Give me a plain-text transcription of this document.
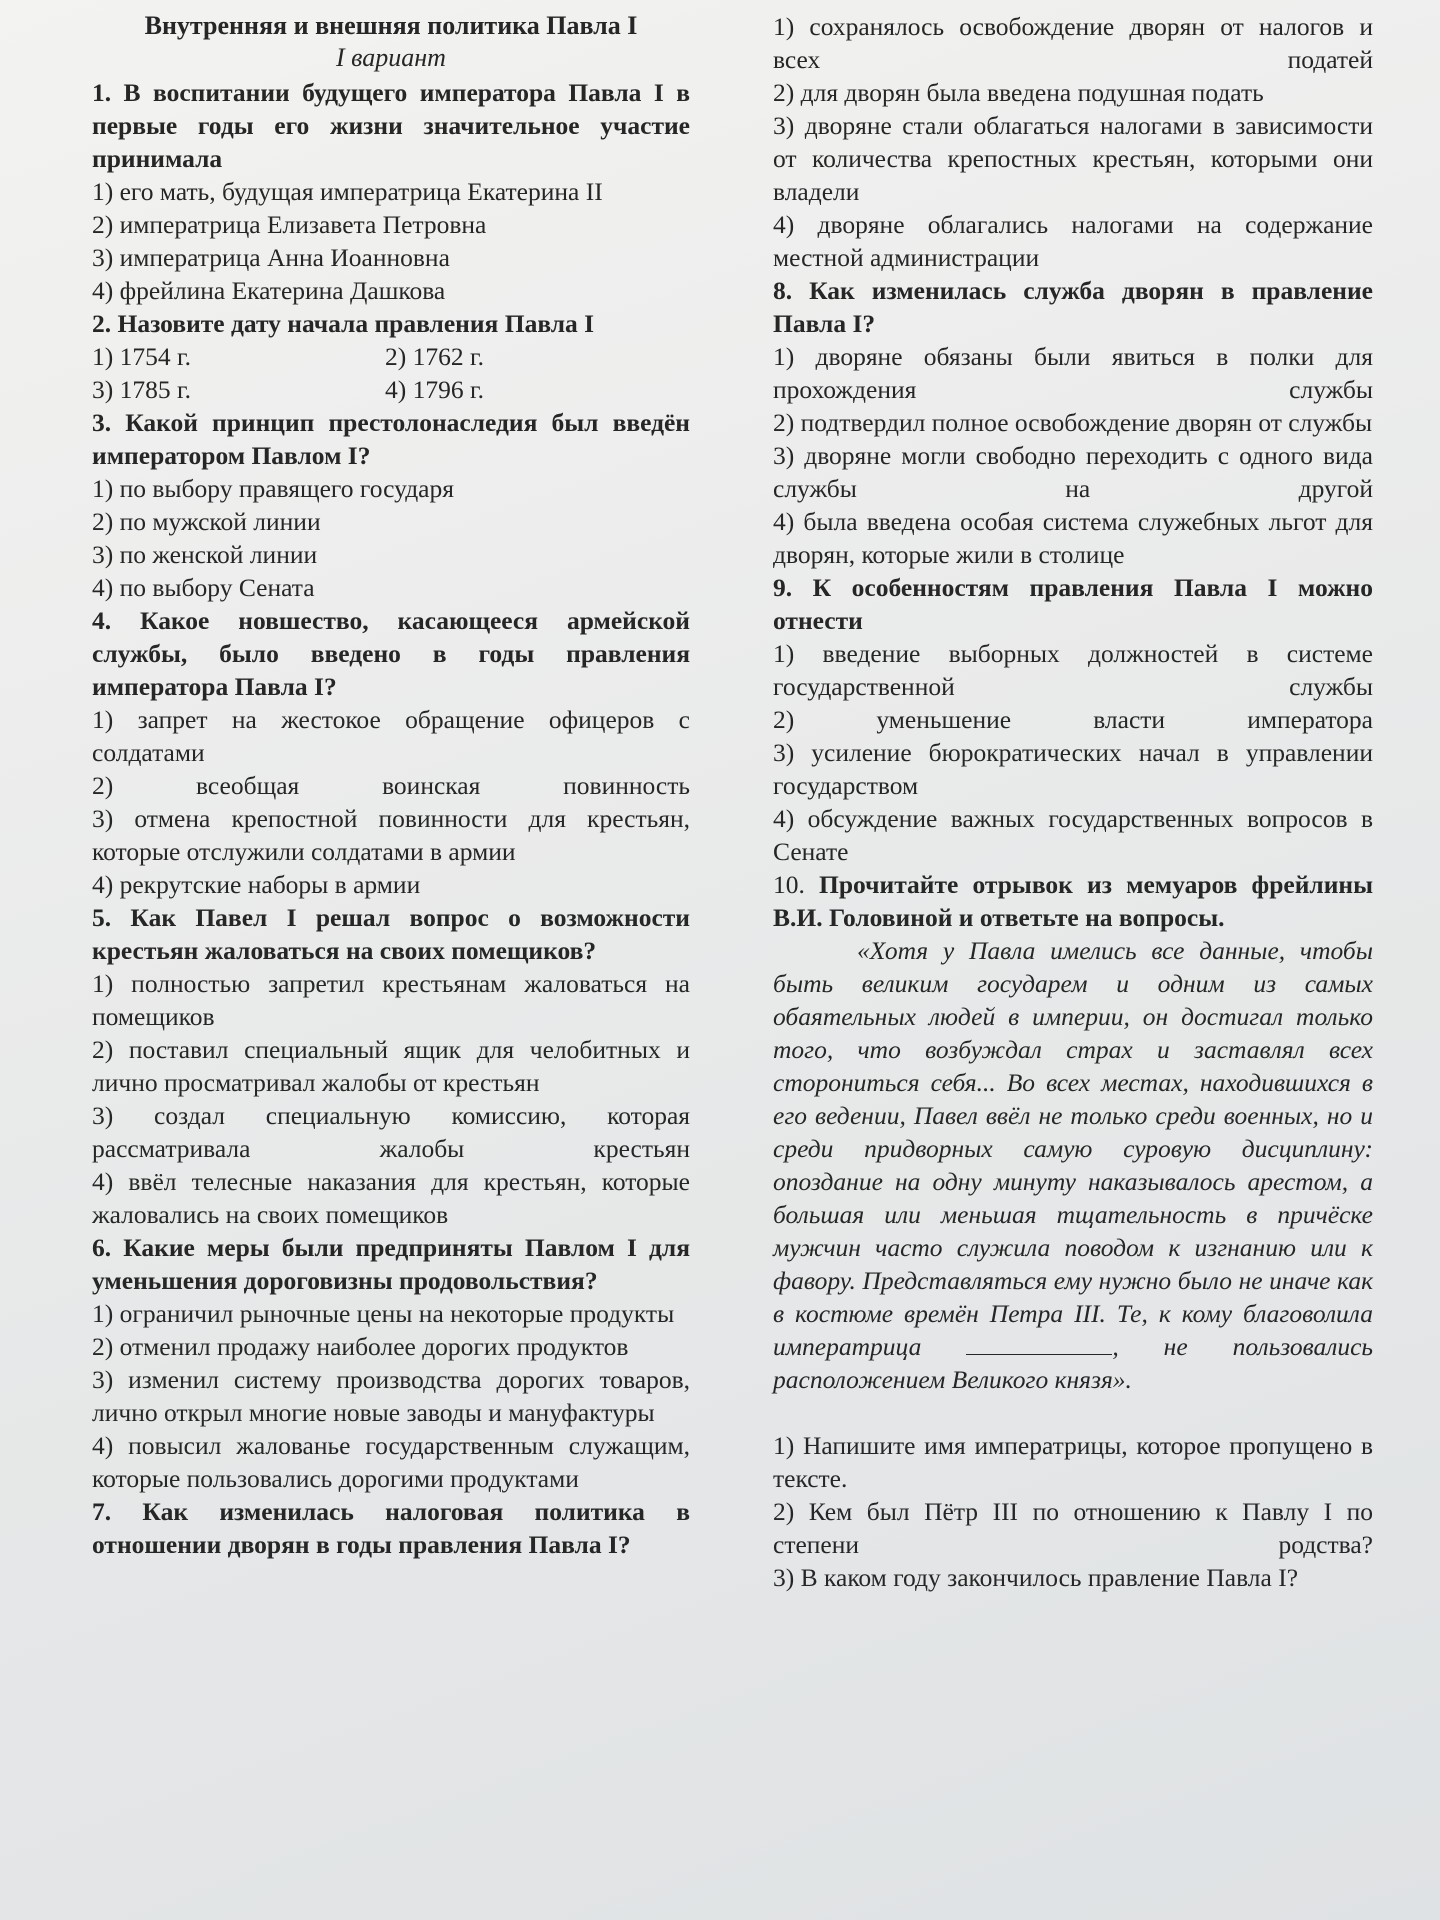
Внутренняя и внешняя политика Павла I

I вариант

1. В воспитании будущего императора Павла I в первые годы его жизни значительное участие принимала

1) его мать, будущая императрица Екатерина II

2) императрица Елизавета Петровна

3) императрица Анна Иоанновна

4) фрейлина Екатерина Дашкова

2. Назовите дату начала правления Павла I

1) 1754 г.	2) 1762 г.
3) 1785 г.	4) 1796 г.

3. Какой принцип престолонаследия был введён императором Павлом I?

1) по выбору правящего государя

2) по мужской линии

3) по женской линии

4) по выбору Сената

4. Какое новшество, касающееся армейской службы, было введено в годы правления императора Павла I?

1) запрет на жестокое обращение офицеров с солдатами

2) всеобщая воинская повинность

3) отмена крепостной повинности для крестьян, которые отслужили солдатами в армии

4) рекрутские наборы в армии

5. Как Павел I решал вопрос о возможности крестьян жаловаться на своих помещиков?

1) полностью запретил крестьянам жаловаться на помещиков

2) поставил специальный ящик для челобитных и лично просматривал жалобы от крестьян

3) создал специальную комиссию, которая рассматривала жалобы крестьян

4) ввёл телесные наказания для крестьян, которые жаловались на своих помещиков

6. Какие меры были предприняты Павлом I для уменьшения дороговизны продовольствия?

1) ограничил рыночные цены на некоторые продукты

2) отменил продажу наиболее дорогих продуктов

3) изменил систему производства дорогих товаров, лично открыл многие новые заводы и мануфактуры

4) повысил жалованье государственным служащим, которые пользовались дорогими продуктами

7. Как изменилась налоговая политика в отношении дворян в годы правления Павла I?

1) сохранялось освобождение дворян от налогов и всех податей

2) для дворян была введена подушная подать

3) дворяне стали облагаться налогами в зависимости от количества крепостных крестьян, которыми они владели

4) дворяне облагались налогами на содержание местной администрации

8. Как изменилась служба дворян в правление Павла I?

1) дворяне обязаны были явиться в полки для прохождения службы

2) подтвердил полное освобождение дворян от службы

3) дворяне могли свободно переходить с одного вида службы на другой

4) была введена особая система служебных льгот для дворян, которые жили в столице

9. К особенностям правления Павла I можно отнести

1) введение выборных должностей в системе государственной службы

2) уменьшение власти императора

3) усиление бюрократических начал в управлении государством

4) обсуждение важных государственных вопросов в Сенате

10. Прочитайте отрывок из мемуаров фрейлины В.И. Головиной и ответьте на вопросы.

«Хотя у Павла имелись все данные, чтобы быть великим государем и одним из самых обаятельных людей в империи, он достигал только того, что возбуждал страх и заставлял всех сторониться себя... Во всех местах, находившихся в его ведении, Павел ввёл не только среди военных, но и среди придворных самую суровую дисциплину: опоздание на одну минуту наказывалось арестом, а большая или меньшая тщательность в причёске мужчин часто служила поводом к изгнанию или к фавору. Представляться ему нужно было не иначе как в костюме времён Петра III. Те, к кому благоволила императрица	, не пользовались расположением Великого князя».

1) Напишите имя императрицы, которое пропущено в тексте.

2) Кем был Пётр III по отношению к Павлу I по степени родства?

3) В каком году закончилось правление Павла I?
